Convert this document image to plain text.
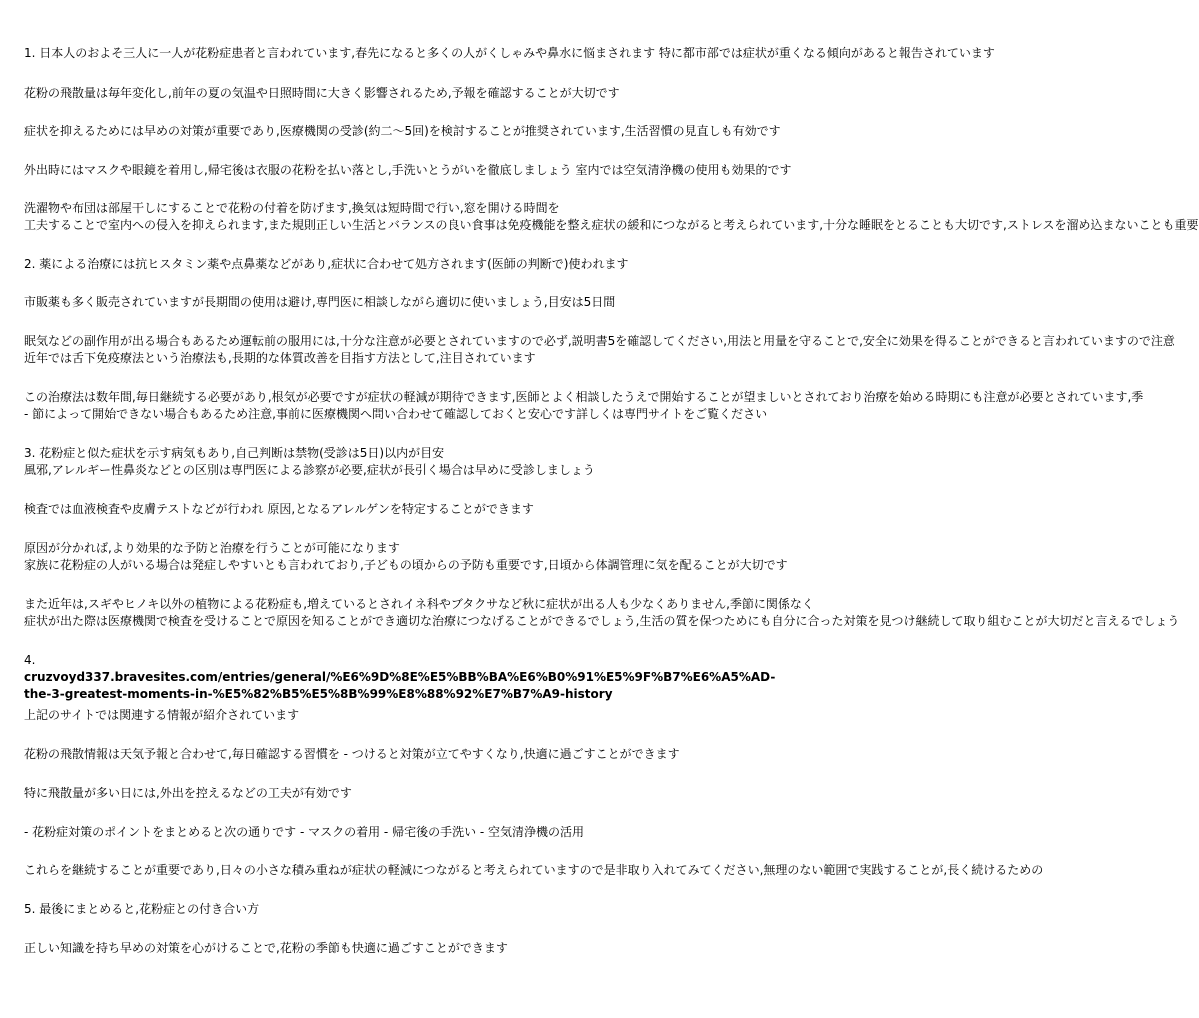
1. 日本人のおよそ三人に一人が花粉症患者と言われています,春先になると多くの人がくしゃみや鼻水に悩まされます 特に都市部では症状が重くなる傾向があると報告されています
花粉の飛散量は毎年変化し,前年の夏の気温や日照時間に大きく影響されるため,予報を確認することが大切です
症状を抑えるためには早めの対策が重要であり,医療機関の受診(約二〜5回)を検討することが推奨されています,生活習慣の見直しも有効です
外出時にはマスクや眼鏡を着用し,帰宅後は衣服の花粉を払い落とし,手洗いとうがいを徹底しましょう 室内では空気清浄機の使用も効果的です
洗濯物や布団は部屋干しにすることで花粉の付着を防げます,換気は短時間で行い,窓を開ける時間を
工夫することで室内への侵入を抑えられます,また規則正しい生活とバランスの良い食事は免疫機能を整え症状の緩和につながると考えられています,十分な睡眠をとることも大切です,ストレスを溜め込まないことも重要
2. 薬による治療には抗ヒスタミン薬や点鼻薬などがあり,症状に合わせて処方されます(医師の判断で)使われます
市販薬も多く販売されていますが長期間の使用は避け,専門医に相談しながら適切に使いましょう,目安は5日間
眠気などの副作用が出る場合もあるため運転前の服用には,十分な注意が必要とされていますので必ず,説明書5を確認してください,用法と用量を守ることで,安全に効果を得ることができると言われていますので注意
近年では舌下免疫療法という治療法も,長期的な体質改善を目指す方法として,注目されています
この治療法は数年間,毎日継続する必要があり,根気が必要ですが症状の軽減が期待できます,医師とよく相談したうえで開始することが望ましいとされており治療を始める時期にも注意が必要とされています,季
- 節によって開始できない場合もあるため注意,事前に医療機関へ問い合わせて確認しておくと安心です詳しくは専門サイトをご覧ください
3. 花粉症と似た症状を示す病気もあり,自己判断は禁物(受診は5日)以内が目安
風邪,アレルギー性鼻炎などとの区別は専門医による診察が必要,症状が長引く場合は早めに受診しましょう
検査では血液検査や皮膚テストなどが行われ 原因,となるアレルゲンを特定することができます
原因が分かれば,より効果的な予防と治療を行うことが可能になります
家族に花粉症の人がいる場合は発症しやすいとも言われており,子どもの頃からの予防も重要です,日頃から体調管理に気を配ることが大切です
また近年は,スギやヒノキ以外の植物による花粉症も,増えているとされイネ科やブタクサなど秋に症状が出る人も少なくありません,季節に関係なく
症状が出た際は医療機関で検査を受けることで原因を知ることができ適切な治療につなげることができるでしょう,生活の質を保つためにも自分に合った対策を見つけ継続して取り組むことが大切だと言えるでしょう
4.
cruzvoyd337.bravesites.com/entries/general/%E6%9D%8E%E5%BB%BA%E6%B0%91%E5%9F%B7%E6%A5%AD-
the-3-greatest-moments-in-%E5%82%B5%E5%8B%99%E8%88%92%E7%B7%A9-history
上記のサイトでは関連する情報が紹介されています
花粉の飛散情報は天気予報と合わせて,毎日確認する習慣を - つけると対策が立てやすくなり,快適に過ごすことができます
特に飛散量が多い日には,外出を控えるなどの工夫が有効です
- 花粉症対策のポイントをまとめると次の通りです - マスクの着用 - 帰宅後の手洗い - 空気清浄機の活用
これらを継続することが重要であり,日々の小さな積み重ねが症状の軽減につながると考えられていますので是非取り入れてみてください,無理のない範囲で実践することが,長く続けるための
5. 最後にまとめると,花粉症との付き合い方
正しい知識を持ち早めの対策を心がけることで,花粉の季節も快適に過ごすことができます
